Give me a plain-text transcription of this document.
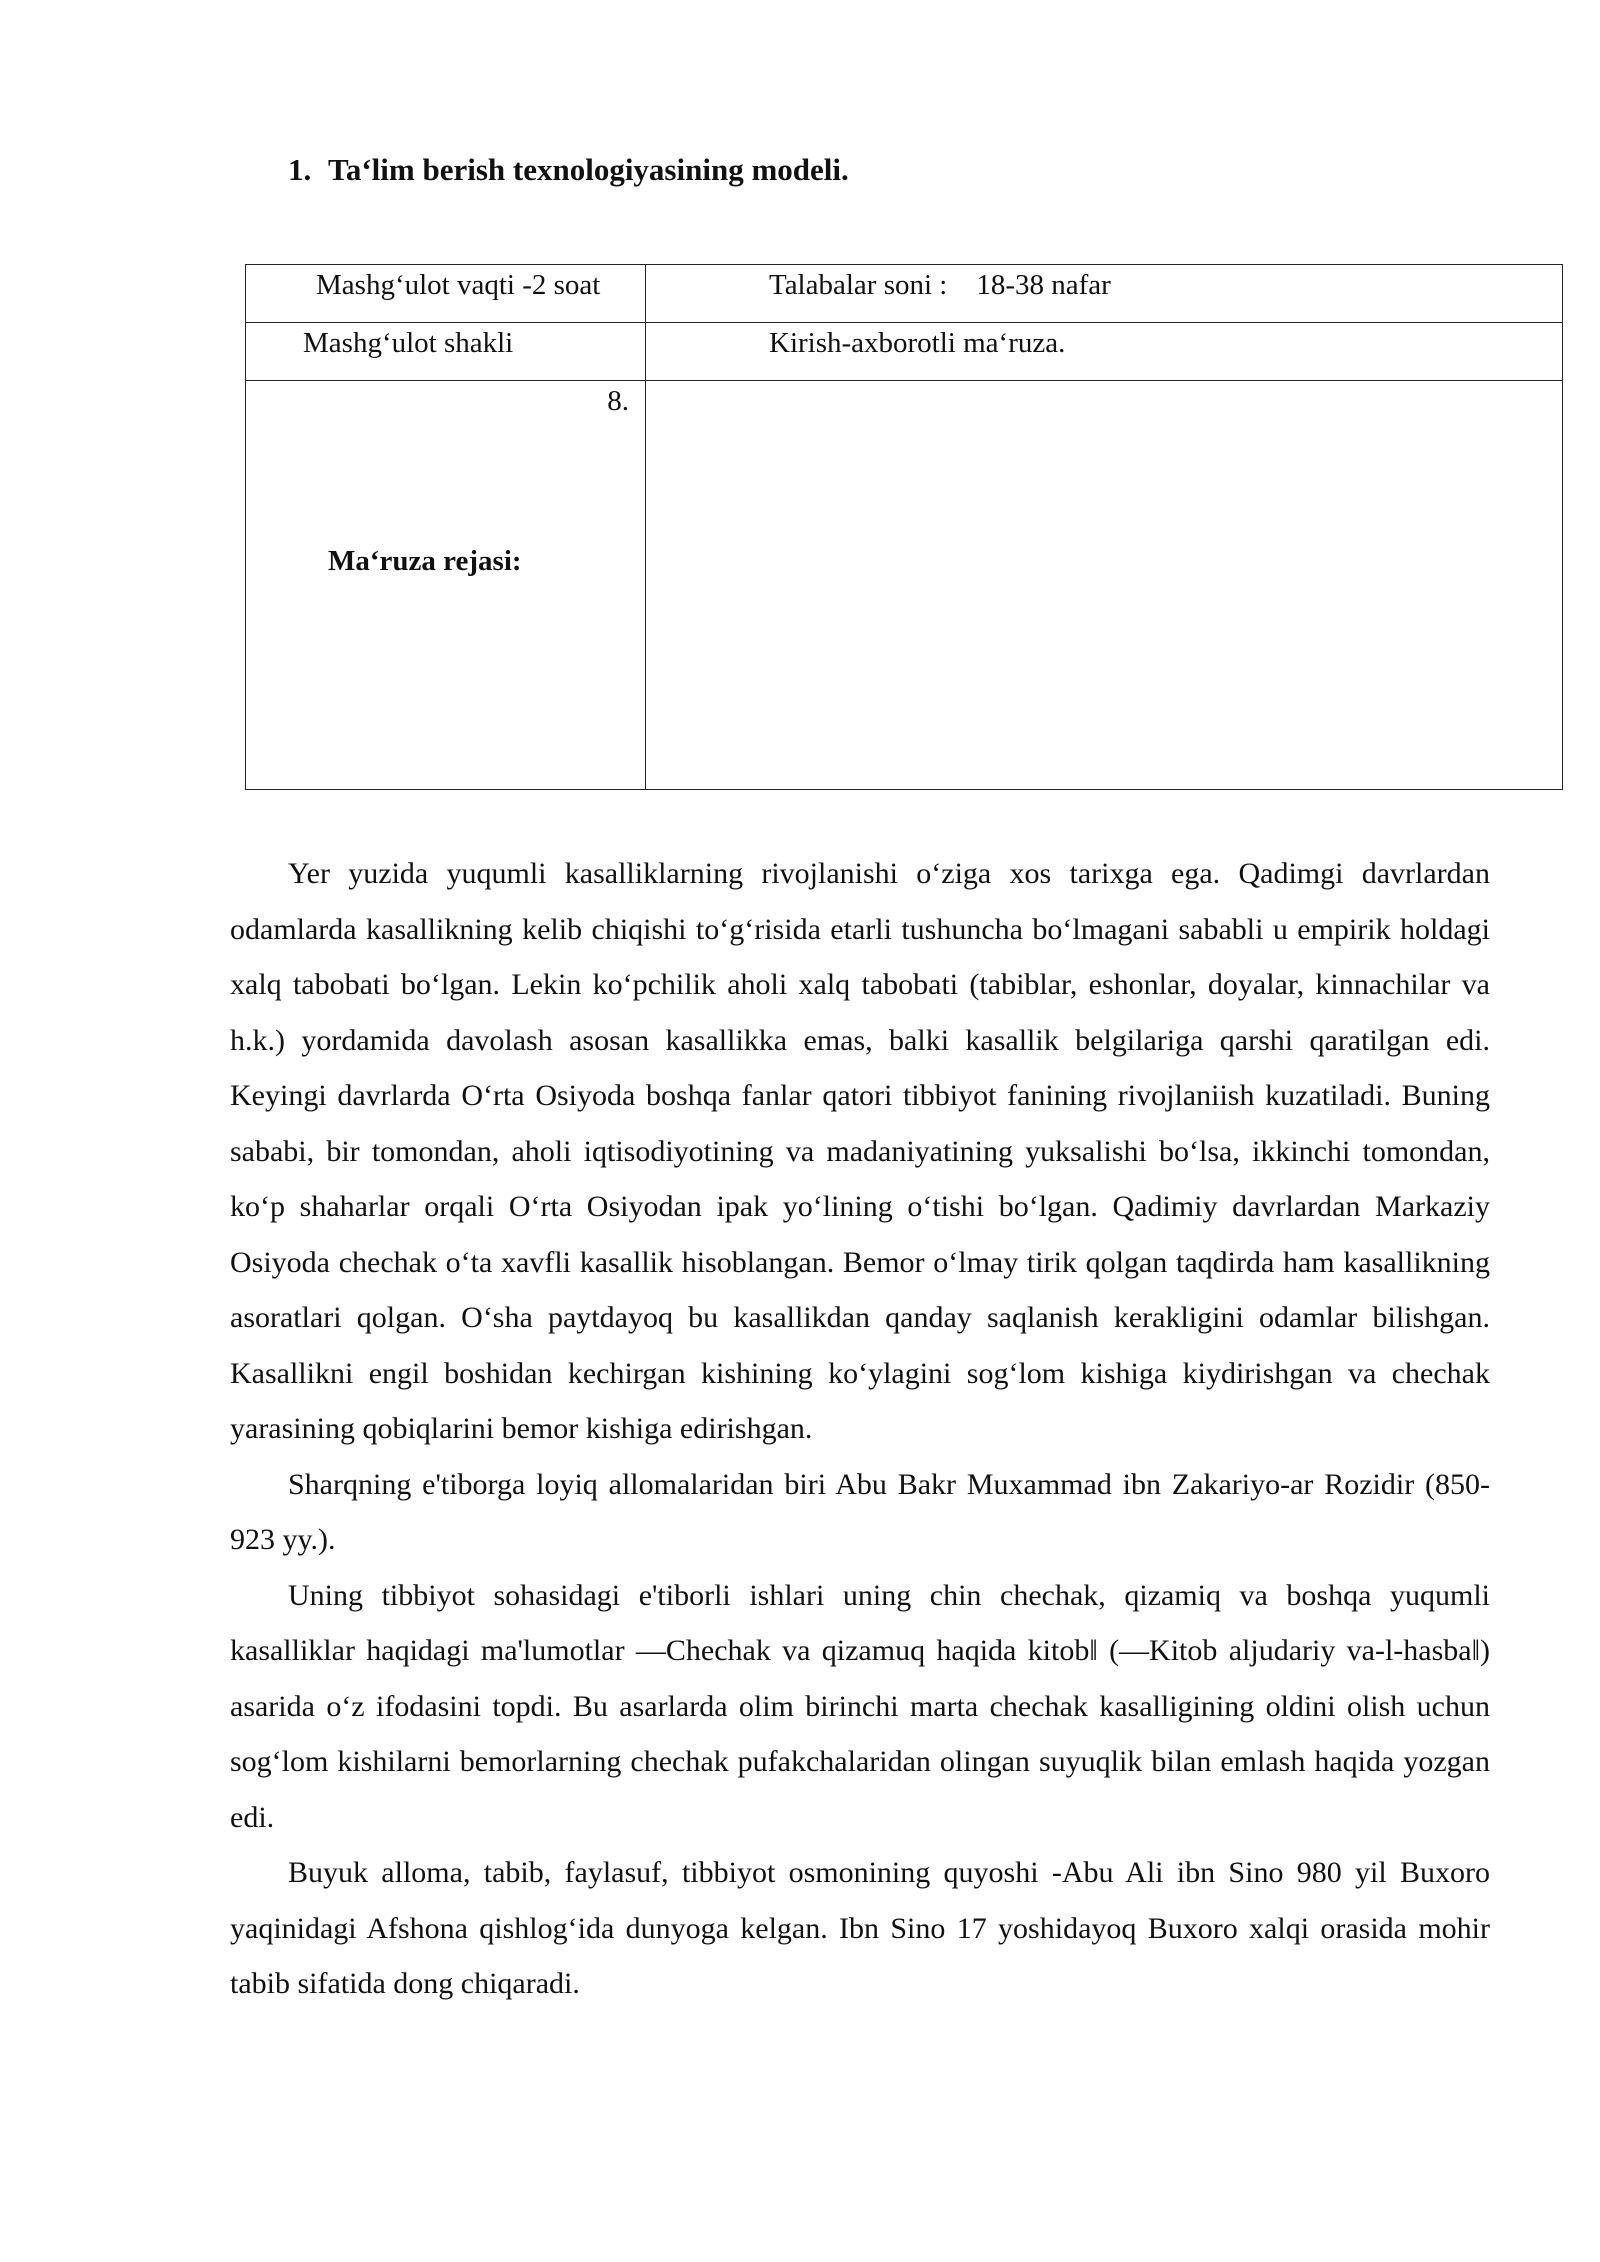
1. Ta‘lim berish texnologiyasining modeli.
Mashg‘ulot vaqti -2 soat	Talabalar soni :    18-38 nafar

Mashg‘ulot shakli	Kirish-axborotli ma‘ruza.

8.
Ma‘ruza rejasi:	

Yer yuzida yuqumli kasalliklarning rivojlanishi o‘ziga xos tarixga ega. Qadimgi davrlardan odamlarda kasallikning kelib chiqishi to‘g‘risida etarli tushuncha bo‘lmagani sababli u empirik holdagi xalq tabobati bo‘lgan. Lekin ko‘pchilik aholi xalq tabobati (tabiblar, eshonlar, doyalar, kinnachilar va h.k.) yordamida davolash asosan kasallikka emas, balki kasallik belgilariga qarshi qaratilgan edi. Keyingi davrlarda O‘rta Osiyoda boshqa fanlar qatori tibbiyot fanining rivojlaniish kuzatiladi. Buning sababi, bir tomondan, aholi iqtisodiyotining va madaniyatining yuksalishi bo‘lsa, ikkinchi tomondan, ko‘p shaharlar orqali O‘rta Osiyodan ipak yo‘lining o‘tishi bo‘lgan. Qadimiy davrlardan Markaziy Osiyoda chechak o‘ta xavfli kasallik hisoblangan. Bemor o‘lmay tirik qolgan taqdirda ham kasallikning asoratlari qolgan. O‘sha paytdayoq bu kasallikdan qanday saqlanish kerakligini odamlar bilishgan. Kasallikni engil boshidan kechirgan kishining ko‘ylagini sog‘lom kishiga kiydirishgan va chechak yarasining qobiqlarini bemor kishiga edirishgan.

Sharqning e'tiborga loyiq allomalaridan biri Abu Bakr Muxammad ibn Zakariyo-ar Rozidir (850-923 yy.).

Uning tibbiyot sohasidagi e'tiborli ishlari uning chin chechak, qizamiq va boshqa yuqumli kasalliklar haqidagi ma'lumotlar ―Chechak va qizamuq haqida kitob‖ (―Kitob aljudariy va-l-hasba‖) asarida o‘z ifodasini topdi. Bu asarlarda olim birinchi marta chechak kasalligining oldini olish uchun sog‘lom kishilarni bemorlarning chechak pufakchalaridan olingan suyuqlik bilan emlash haqida yozgan edi.

Buyuk alloma, tabib, faylasuf, tibbiyot osmonining quyoshi -Abu Ali ibn Sino 980 yil Buxoro yaqinidagi Afshona qishlog‘ida dunyoga kelgan. Ibn Sino 17 yoshidayoq Buxoro xalqi orasida mohir tabib sifatida dong chiqaradi.
